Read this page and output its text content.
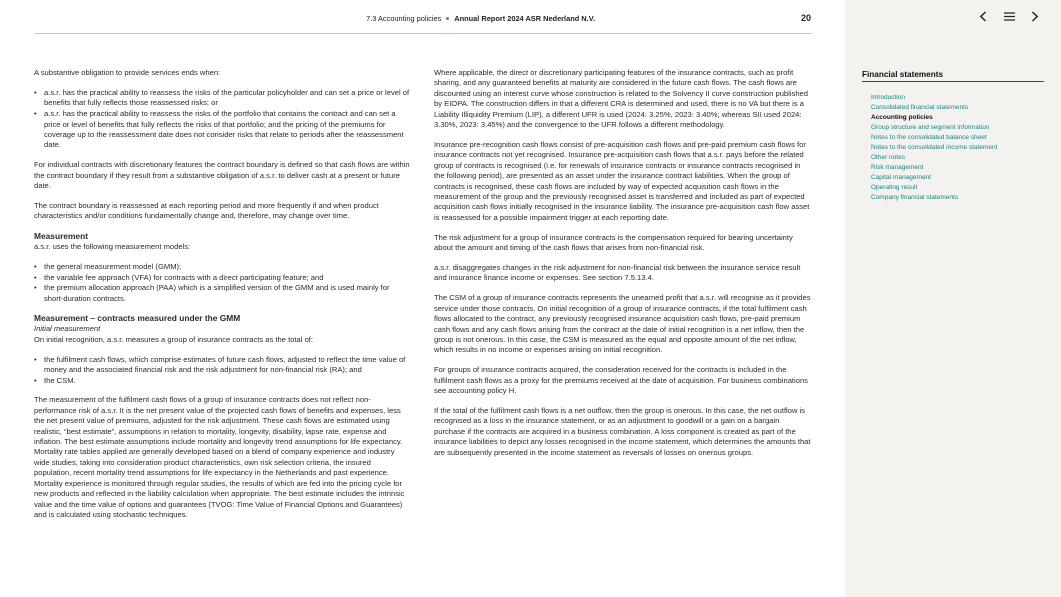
7.3 Accounting policies Annual Report 2024 ASR Nederland N.V.	20

A substantive obligation to provide services ends when:

• a.s.r. has the practical ability to reassess the risks of the particular policyholder and can set a price or level of benefits that fully reflects those reassessed risks; or
• a.s.r. has the practical ability to reassess the risks of the portfolio that contains the contract and can set a price or level of benefits that fully reflects the risks of that portfolio; and the pricing of the premiums for coverage up to the reassessment date does not consider risks that relate to periods after the reassessment date.

For individual contracts with discretionary features the contract boundary is defined so that cash flows are within the contract boundary if they result from a substantive obligation of a.s.r. to deliver cash at a present or future date.

The contract boundary is reassessed at each reporting period and more frequently if and when product characteristics and/or conditions fundamentally change and, therefore, may change over time.

Measurement

a.s.r. uses the following measurement models:

• the general measurement model (GMM);
• the variable fee approach (VFA) for contracts with a direct participating feature; and
• the premium allocation approach (PAA) which is a simplified version of the GMM and is used mainly for short-duration contracts.
Measurement – contracts measured under the GMM
Initial measurement

On initial recognition, a.s.r. measures a group of insurance contracts as the total of:

• the fulfilment cash flows, which comprise estimates of future cash flows, adjusted to reflect the time value of money and the associated financial risk and the risk adjustment for non-financial risk (RA); and
• the CSM.

The measurement of the fulfilment cash flows of a group of insurance contracts does not reflect non-performance risk of a.s.r. It is the net present value of the projected cash flows of benefits and expenses, less the net present value of premiums, adjusted for the risk adjustment. These cash flows are estimated using realistic, “best estimate”, assumptions in relation to mortality, longevity, disability, lapse rate, expense and inflation. The best estimate assumptions include mortality and longevity trend assumptions for life expectancy. Mortality rate tables applied are generally developed based on a blend of company experience and industry wide studies, taking into consideration product characteristics, own risk selection criteria, the insured population, recent mortality trend assumptions for life expectancy in the Netherlands and past experience. Mortality experience is monitored through regular studies, the results of which are fed into the pricing cycle for new products and reflected in the liability calculation when appropriate. The best estimate includes the intrinsic value and the time value of options and guarantees (TVOG: Time Value of Financial Options and Guarantees) and is calculated using stochastic techniques.

Where applicable, the direct or discretionary participating features of the insurance contracts, such as profit sharing, and any guaranteed benefits at maturity are considered in the future cash flows. The cash flows are discounted using an interest curve whose construction is related to the Solvency II curve construction published by EIOPA. The construction differs in that a different CRA is determined and used, there is no VA but there is a Liability Illiquidity Premium (LIP), a different UFR is used (2024: 3.25%, 2023: 3.40%; whereas SII used 2024: 3.30%, 2023: 3.45%) and the convergence to the UFR follows a different methodology.

Insurance pre-recognition cash flows consist of pre-acquisition cash flows and pre-paid premium cash flows for insurance contracts not yet recognised. Insurance pre-acquisition cash flows that a.s.r. pays before the related group of contracts is recognised (i.e. for renewals of insurance contracts or insurance contracts recognised in the following period), are presented as an asset under the insurance contract liabilities. When the group of contracts is recognised, these cash flows are included by way of expected acquisition cash flows in the measurement of the group and the previously recognised asset is transferred and included as part of expected acquisition cash flows initially recognised in the insurance liability. The insurance pre-acquisition cash flow asset is reassessed for a possible impairment trigger at each reporting date.

The risk adjustment for a group of insurance contracts is the compensation required for bearing uncertainty about the amount and timing of the cash flows that arises from non-financial risk.

a.s.r. disaggregates changes in the risk adjustment for non-financial risk between the insurance service result and insurance finance income or expenses. See section 7.5.13.4.

The CSM of a group of insurance contracts represents the unearned profit that a.s.r. will recognise as it provides service under those contracts. On initial recognition of a group of insurance contracts, if the total fulfilment cash flows allocated to the contract, any previously recognised insurance acquisition cash flows, pre-paid premium cash flows and any cash flows arising from the contract at the date of initial recognition is a net inflow, then the group is not onerous. In this case, the CSM is measured as the equal and opposite amount of the net inflow, which results in no income or expenses arising on initial recognition.

For groups of insurance contracts acquired, the consideration received for the contracts is included in the fulfilment cash flows as a proxy for the premiums received at the date of acquisition. For business combinations see accounting policy H.

If the total of the fulfilment cash flows is a net outflow, then the group is onerous. In this case, the net outflow is recognised as a loss in the insurance statement, or as an adjustment to goodwill or a gain on a bargain purchase if the contracts are acquired in a business combination. A loss component is created as part of the insurance liabilities to depict any losses recognised in the income statement, which determines the amounts that are subsequently presented in the income statement as reversals of losses on onerous groups.

Financial statements
Introduction
Consolidated financial statements
Accounting policies
Group structure and segment information
Notes to the consolidated balance sheet
Notes to the consolidated income statement
Other notes
Risk management
Capital management
Operating result
Company financial statements
